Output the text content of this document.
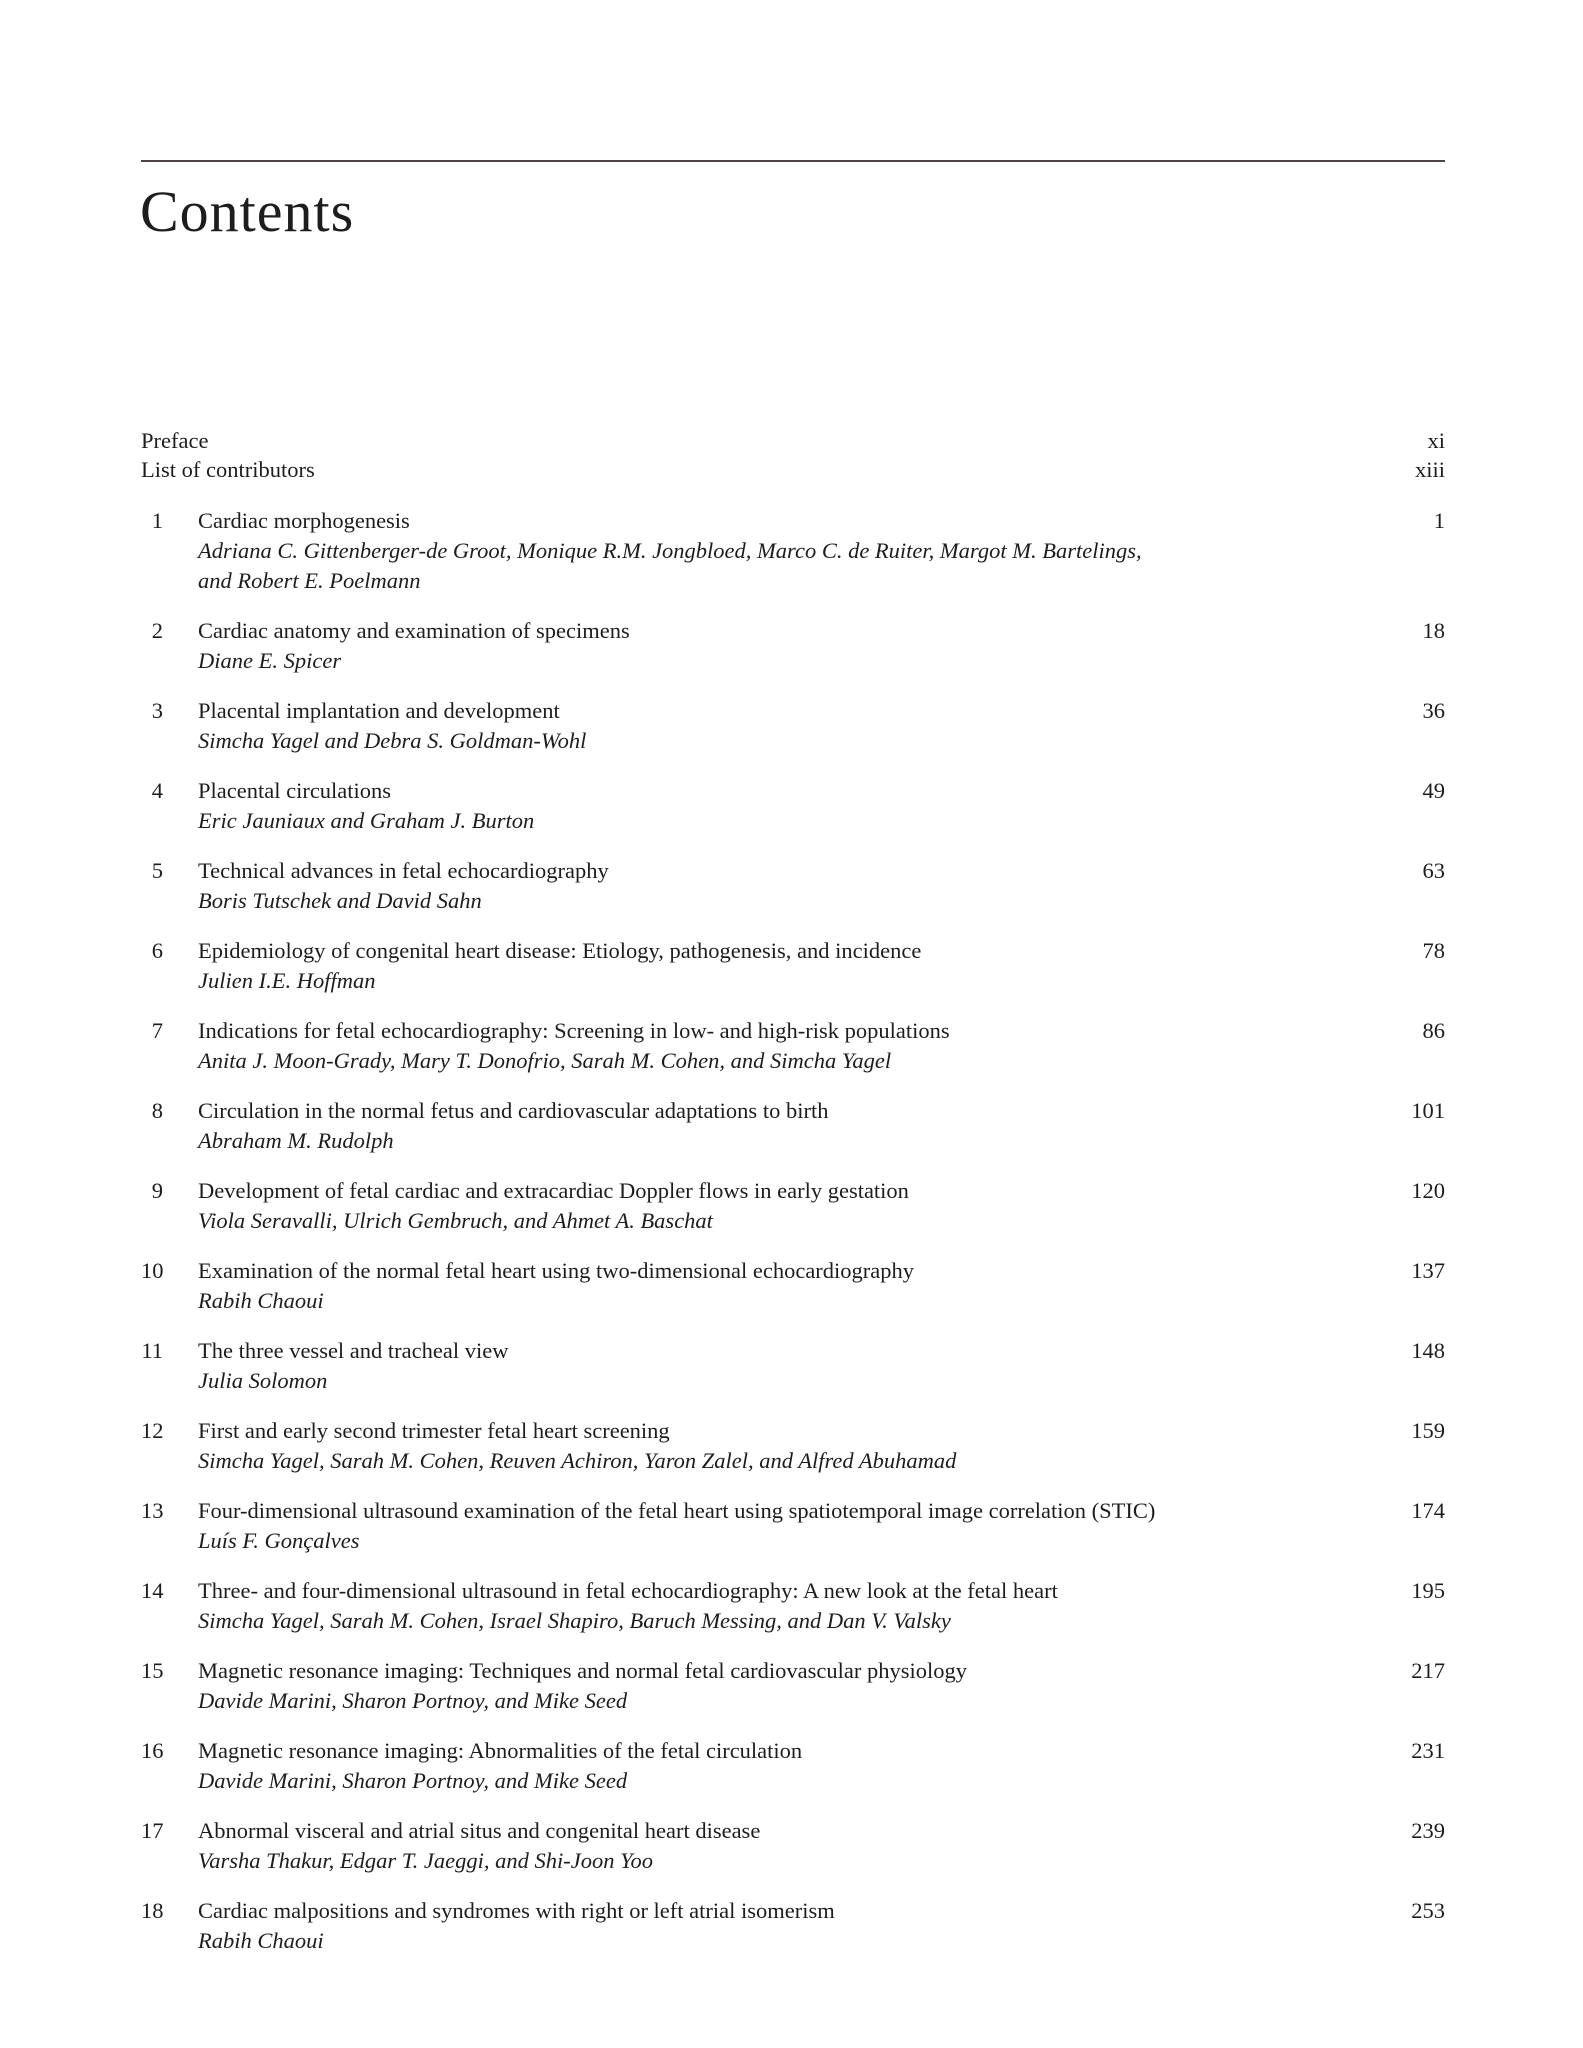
Contents
Preface	xi
List of contributors	xiii
1 Cardiac morphogenesis
Adriana C. Gittenberger-de Groot, Monique R.M. Jongbloed, Marco C. de Ruiter, Margot M. Bartelings,
and Robert E. Poelmann
1
2 Cardiac anatomy and examination of specimens
Diane E. Spicer
18
3 Placental implantation and development
Simcha Yagel and Debra S. Goldman-Wohl
36
4 Placental circulations
Eric Jauniaux and Graham J. Burton
49
5 Technical advances in fetal echocardiography
Boris Tutschek and David Sahn
63
6 Epidemiology of congenital heart disease: Etiology, pathogenesis, and incidence
Julien I.E. Hoffman
78
7 Indications for fetal echocardiography: Screening in low- and high-risk populations
Anita J. Moon-Grady, Mary T. Donofrio, Sarah M. Cohen, and Simcha Yagel
86
8 Circulation in the normal fetus and cardiovascular adaptations to birth
Abraham M. Rudolph
101
9 Development of fetal cardiac and extracardiac Doppler flows in early gestation
Viola Seravalli, Ulrich Gembruch, and Ahmet A. Baschat
120
10 Examination of the normal fetal heart using two-dimensional echocardiography
Rabih Chaoui
137
11 The three vessel and tracheal view
Julia Solomon
148
12 First and early second trimester fetal heart screening
Simcha Yagel, Sarah M. Cohen, Reuven Achiron, Yaron Zalel, and Alfred Abuhamad
159
13 Four-dimensional ultrasound examination of the fetal heart using spatiotemporal image correlation (STIC)
Luís F. Gonçalves
174
14 Three- and four-dimensional ultrasound in fetal echocardiography: A new look at the fetal heart
Simcha Yagel, Sarah M. Cohen, Israel Shapiro, Baruch Messing, and Dan V. Valsky
195
15 Magnetic resonance imaging: Techniques and normal fetal cardiovascular physiology
Davide Marini, Sharon Portnoy, and Mike Seed
217
16 Magnetic resonance imaging: Abnormalities of the fetal circulation
Davide Marini, Sharon Portnoy, and Mike Seed
231
17 Abnormal visceral and atrial situs and congenital heart disease
Varsha Thakur, Edgar T. Jaeggi, and Shi-Joon Yoo
239
18 Cardiac malpositions and syndromes with right or left atrial isomerism
Rabih Chaoui
253
